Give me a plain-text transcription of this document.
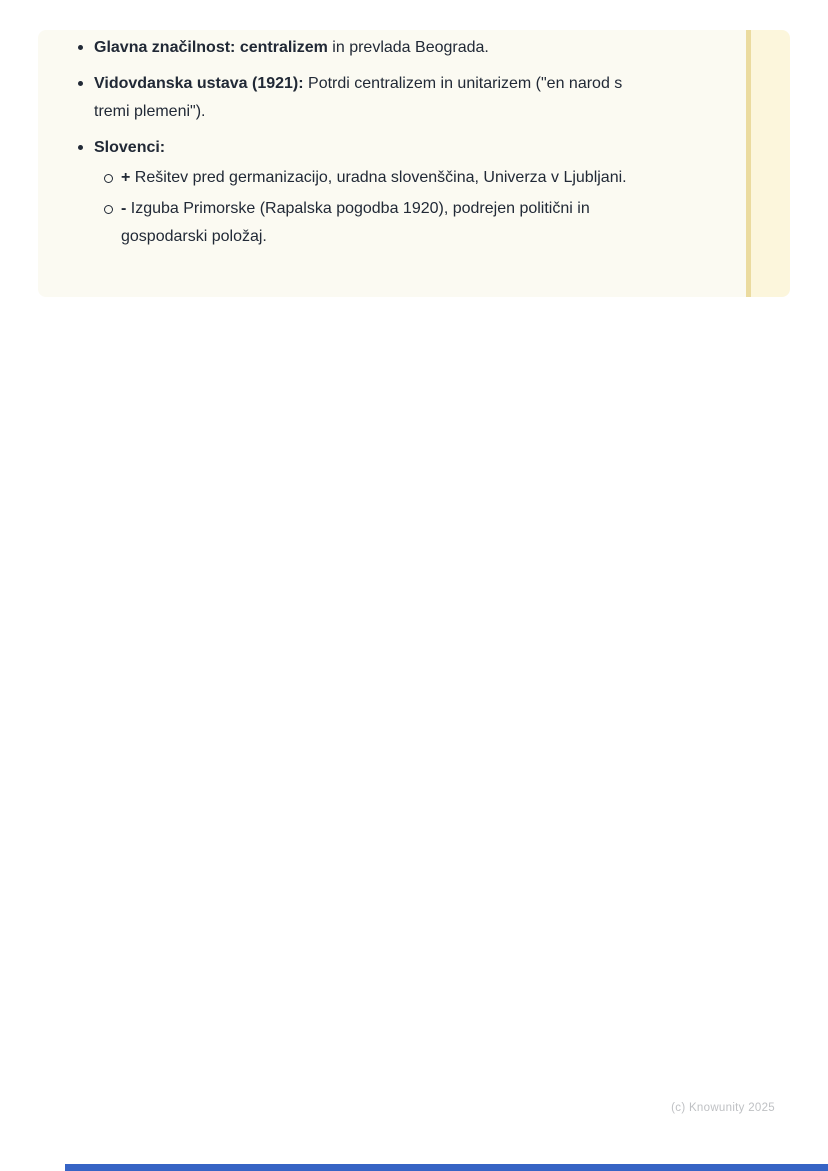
Glavna značilnost: centralizem in prevlada Beograda.
Vidovdanska ustava (1921): Potrdi centralizem in unitarizem ("en narod s
tremi plemeni").
Slovenci:
+ Rešitev pred germanizacijo, uradna slovenščina, Univerza v Ljubljani.
- Izguba Primorske (Rapalska pogodba 1920), podrejen politični in
gospodarski položaj.
(c) Knowunity 2025
